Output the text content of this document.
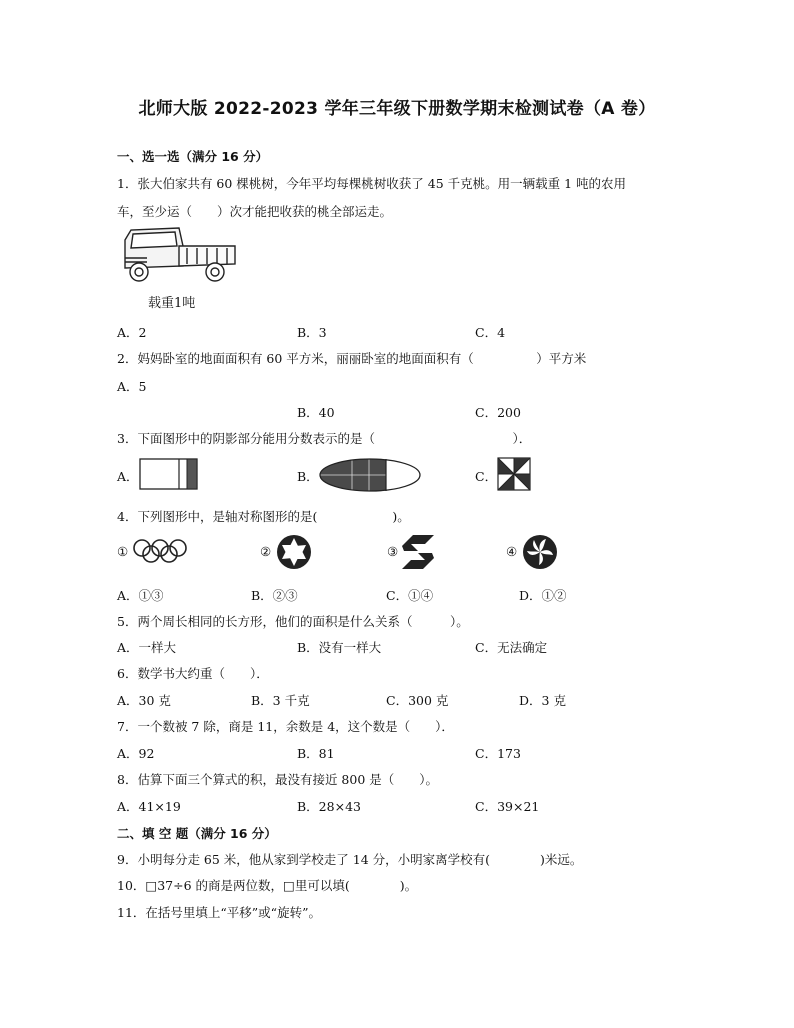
北师大版 2022-2023 学年三年级下册数学期末检测试卷（A 卷）
一、选一选（满分 16 分）
1．张大伯家共有 60 棵桃树，今年平均每棵桃树收获了 45 千克桃。用一辆载重 1 吨的农用
车，至少运（　　）次才能把收获的桃全部运走。
载重1吨
A．2	B．3	C．4
2．妈妈卧室的地面面积有 60 平方米，丽丽卧室的地面面积有（　　　　　）平方米
A．5
B．40	C．200
3．下面图形中的阴影部分能用分数表示的是（　　　　　　　　　　　）．
A．	B．	C．
4．下列图形中，是轴对称图形的是(　　　　　　)。
①	②	③	④
A．①③	B．②③	C．①④	D．①②
5．两个周长相同的长方形，他们的面积是什么关系（　　　）。
A．一样大	B．没有一样大	C．无法确定
6．数学书大约重（　　）．
A．30 克	B．3 千克	C．300 克	D．3 克
7．一个数被 7 除，商是 11，余数是 4，这个数是（　　）．
A．92	B．81	C．173
8．估算下面三个算式的积，最没有接近 800 是（　　）。
A．41×19	B．28×43	C．39×21
二、填 空 题（满分 16 分）
9．小明每分走 65 米，他从家到学校走了 14 分，小明家离学校有(　　　　)米远。
10．□37÷6 的商是两位数，□里可以填(　　　　)。
11．在括号里填上“平移”或“旋转”。
